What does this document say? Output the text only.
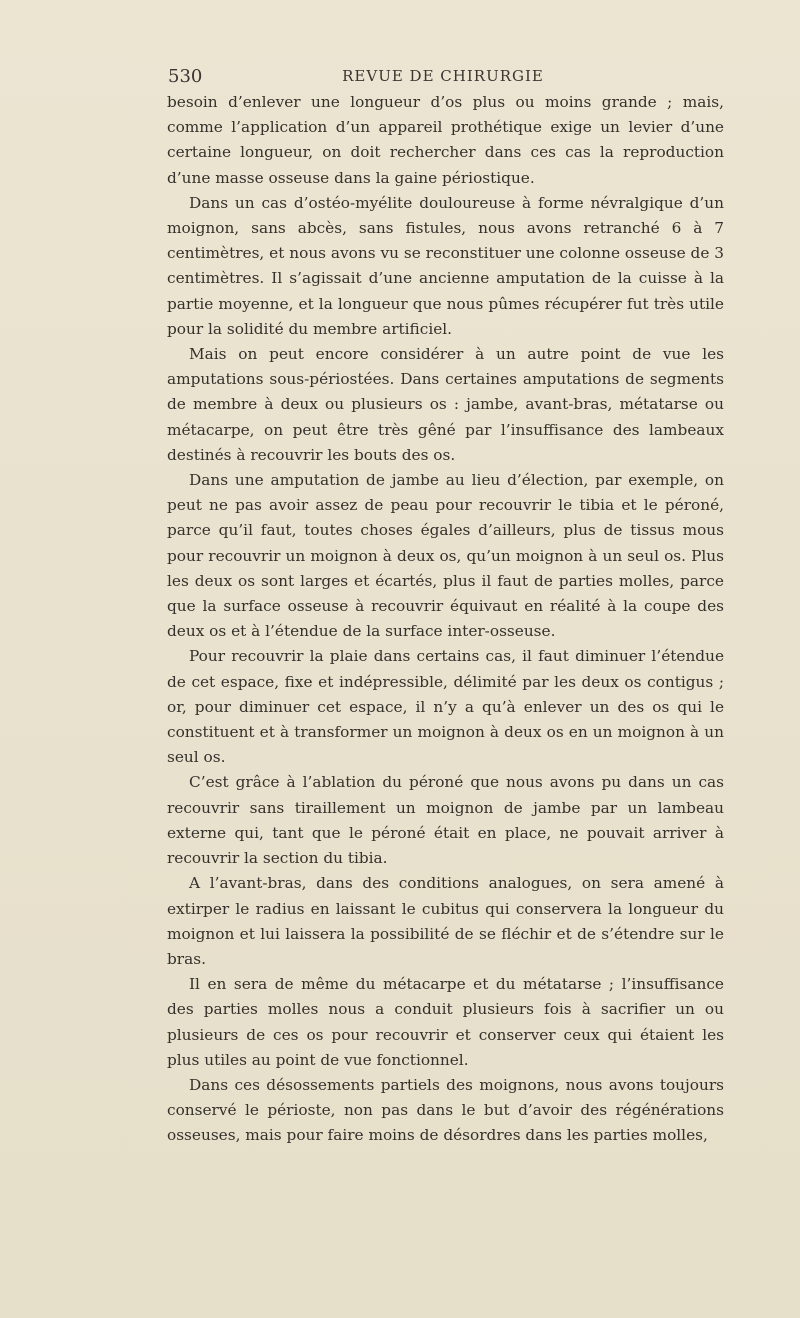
530	REVUE DE CHIRURGIE

besoin d’enlever une longueur d’os plus ou moins grande ; mais, comme l’application d’un appareil prothétique exige un levier d’une certaine longueur, on doit rechercher dans ces cas la reproduction d’une masse osseuse dans la gaine périostique.

Dans un cas d’ostéo-myélite douloureuse à forme névralgique d’un moignon, sans abcès, sans fistules, nous avons retranché 6 à 7 centimètres, et nous avons vu se reconstituer une colonne osseuse de 3 centimètres. Il s’agissait d’une ancienne amputation de la cuisse à la partie moyenne, et la longueur que nous pûmes récupérer fut très utile pour la solidité du membre artificiel.

Mais on peut encore considérer à un autre point de vue les amputations sous-périostées. Dans certaines amputations de segments de membre à deux ou plusieurs os : jambe, avant-bras, métatarse ou métacarpe, on peut être très gêné par l’insuffisance des lambeaux destinés à recouvrir les bouts des os.

Dans une amputation de jambe au lieu d’élection, par exemple, on peut ne pas avoir assez de peau pour recouvrir le tibia et le péroné, parce qu’il faut, toutes choses égales d’ailleurs, plus de tissus mous pour recouvrir un moignon à deux os, qu’un moignon à un seul os. Plus les deux os sont larges et écartés, plus il faut de parties molles, parce que la surface osseuse à recouvrir équivaut en réalité à la coupe des deux os et à l’étendue de la surface inter-osseuse.

Pour recouvrir la plaie dans certains cas, il faut diminuer l’étendue de cet espace, fixe et indépressible, délimité par les deux os contigus ; or, pour diminuer cet espace, il n’y a qu’à enlever un des os qui le constituent et à transformer un moignon à deux os en un moignon à un seul os.

C’est grâce à l’ablation du péroné que nous avons pu dans un cas recouvrir sans tiraillement un moignon de jambe par un lambeau externe qui, tant que le péroné était en place, ne pouvait arriver à recouvrir la section du tibia.

A l’avant-bras, dans des conditions analogues, on sera amené à extirper le radius en laissant le cubitus qui conservera la longueur du moignon et lui laissera la possibilité de se fléchir et de s’étendre sur le bras.

Il en sera de même du métacarpe et du métatarse ; l’insuffisance des parties molles nous a conduit plusieurs fois à sacrifier un ou plusieurs de ces os pour recouvrir et conserver ceux qui étaient les plus utiles au point de vue fonctionnel.

Dans ces désossements partiels des moignons, nous avons toujours conservé le périoste, non pas dans le but d’avoir des régénérations osseuses, mais pour faire moins de désordres dans les parties molles,
